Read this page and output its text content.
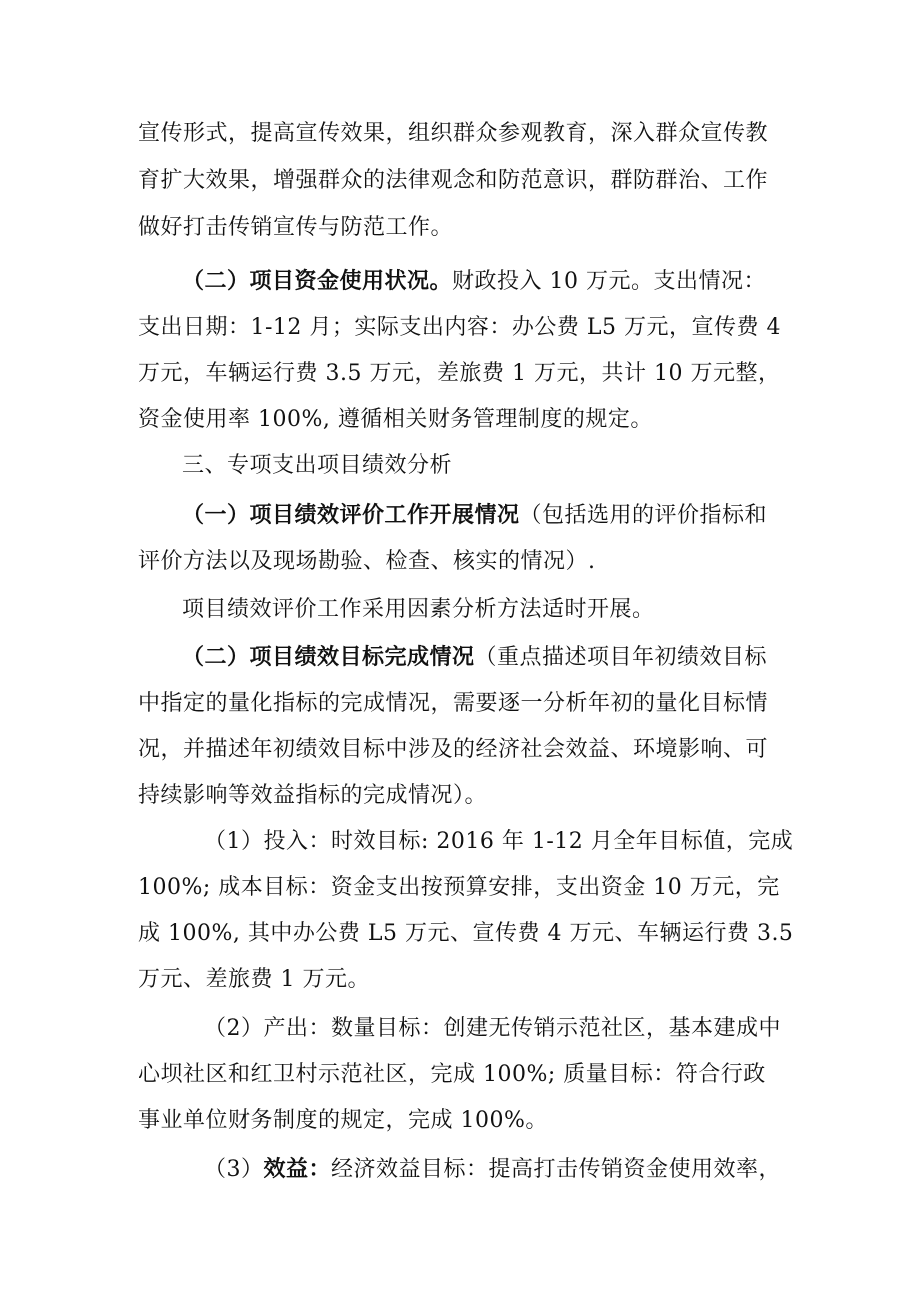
宣传形式，提高宣传效果，组织群众参观教育，深入群众宣传教
育扩大效果，增强群众的法律观念和防范意识，群防群治、工作
做好打击传销宣传与防范工作。
（二）项目资金使用状况。财政投入 10 万元。支出情况：
支出日期：1-12 月；实际支出内容：办公费 L5 万元，宣传费 4
万元，车辆运行费 3.5 万元，差旅费 1 万元，共计 10 万元整，
资金使用率 100%, 遵循相关财务管理制度的规定。
三、专项支出项目绩效分析
（一）项目绩效评价工作开展情况（包括选用的评价指标和
评价方法以及现场勘验、检查、核实的情况）.
项目绩效评价工作采用因素分析方法适时开展。
（二）项目绩效目标完成情况（重点描述项目年初绩效目标
中指定的量化指标的完成情况，需要逐一分析年初的量化目标情
况，并描述年初绩效目标中涉及的经济社会效益、环境影响、可
持续影响等效益指标的完成情况）。
（1）投入：时效目标: 2016 年 1-12 月全年目标值，完成
100%; 成本目标：资金支出按预算安排，支出资金 10 万元，完
成 100%, 其中办公费 L5 万元、宣传费 4 万元、车辆运行费 3.5
万元、差旅费 1 万元。
（2）产出：数量目标：创建无传销示范社区，基本建成中
心坝社区和红卫村示范社区，完成 100%; 质量目标：符合行政
事业单位财务制度的规定，完成 100%。
（3）效益：经济效益目标：提高打击传销资金使用效率，
